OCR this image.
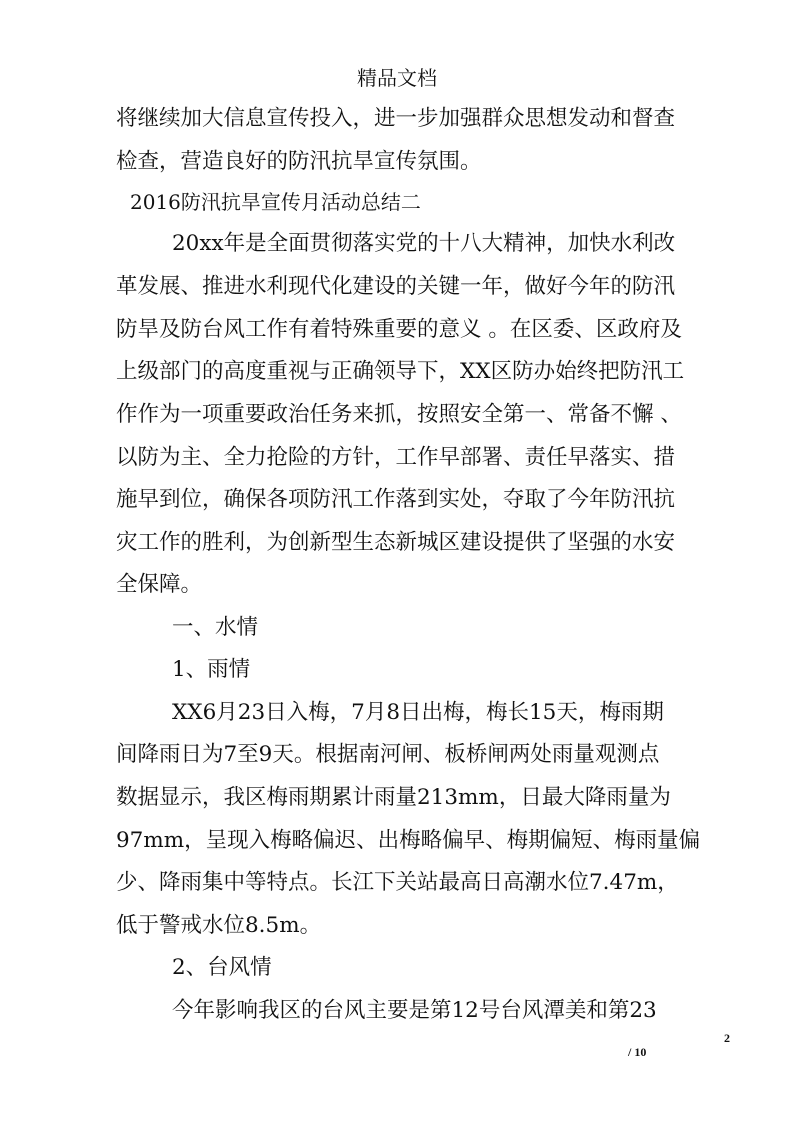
精品文档
将继续加大信息宣传投入，进一步加强群众思想发动和督查
检查，营造良好的防汛抗旱宣传氛围。
2016防汛抗旱宣传月活动总结二
20xx年是全面贯彻落实党的十八大精神，加快水利改
革发展、推进水利现代化建设的关键一年，做好今年的防汛
防旱及防台风工作有着特殊重要的意义 。在区委、区政府及
上级部门的高度重视与正确领导下，XX区防办始终把防汛工
作作为一项重要政治任务来抓，按照安全第一、常备不懈 、
以防为主、全力抢险的方针，工作早部署、责任早落实、措
施早到位，确保各项防汛工作落到实处，夺取了今年防汛抗
灾工作的胜利，为创新型生态新城区建设提供了坚强的水安
全保障。
一、水情
1、雨情
XX6月23日入梅，7月8日出梅，梅长15天，梅雨期
间降雨日为7至9天。根据南河闸、板桥闸两处雨量观测点
数据显示，我区梅雨期累计雨量213mm，日最大降雨量为
97mm，呈现入梅略偏迟、出梅略偏早、梅期偏短、梅雨量偏
少、降雨集中等特点。长江下关站最高日高潮水位7.47m，
低于警戒水位8.5m。
2、台风情
今年影响我区的台风主要是第12号台风潭美和第23
2
/ 10
